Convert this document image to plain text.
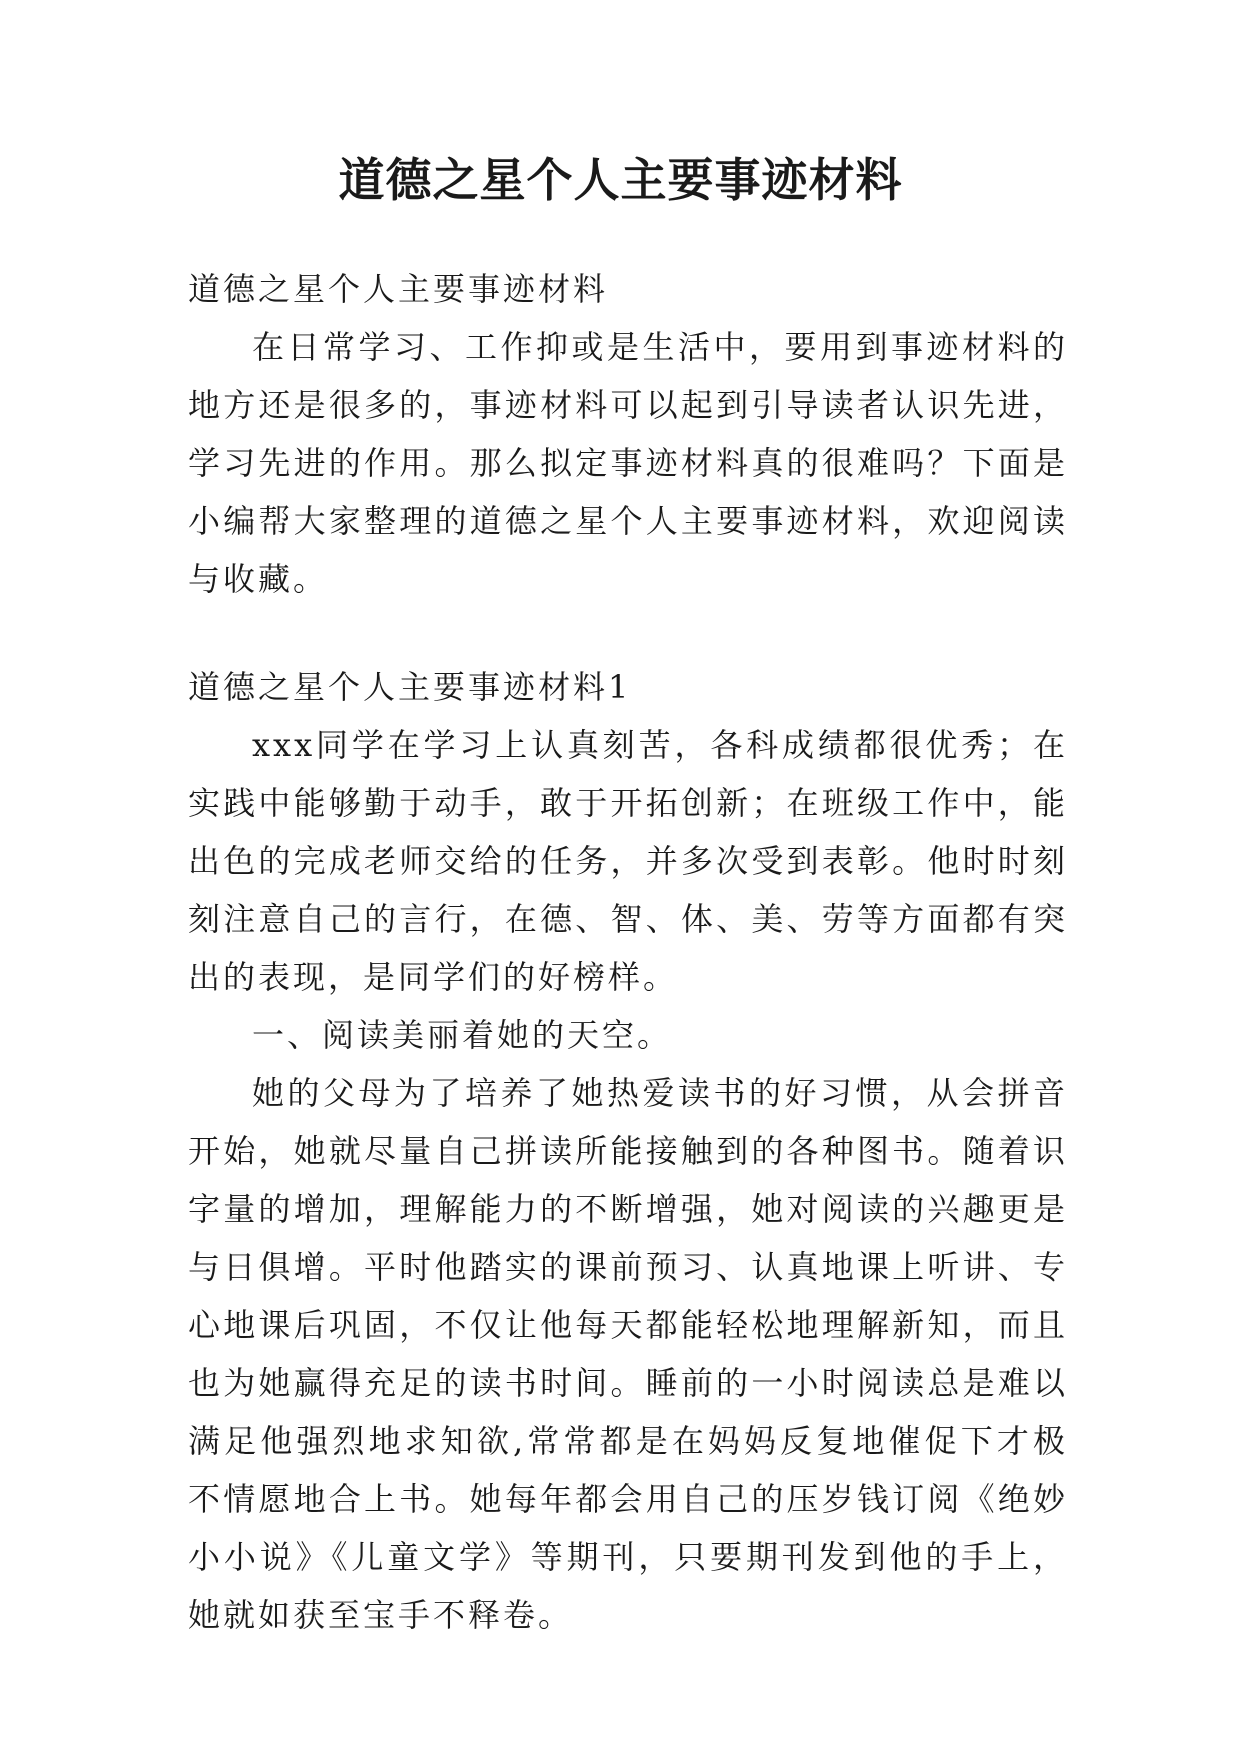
道德之星个人主要事迹材料

道德之星个人主要事迹材料

在日常学习、工作抑或是生活中，要用到事迹材料的地方还是很多的，事迹材料可以起到引导读者认识先进，学习先进的作用。那么拟定事迹材料真的很难吗？下面是小编帮大家整理的道德之星个人主要事迹材料，欢迎阅读与收藏。

道德之星个人主要事迹材料1

xxx同学在学习上认真刻苦，各科成绩都很优秀；在实践中能够勤于动手，敢于开拓创新；在班级工作中，能出色的完成老师交给的任务，并多次受到表彰。他时时刻刻注意自己的言行，在德、智、体、美、劳等方面都有突出的表现，是同学们的好榜样。

一、阅读美丽着她的天空。

她的父母为了培养了她热爱读书的好习惯，从会拼音开始，她就尽量自己拼读所能接触到的各种图书。随着识字量的增加，理解能力的不断增强，她对阅读的兴趣更是与日俱增。平时他踏实的课前预习、认真地课上听讲、专心地课后巩固，不仅让他每天都能轻松地理解新知，而且也为她赢得充足的读书时间。睡前的一小时阅读总是难以满足他强烈地求知欲,常常都是在妈妈反复地催促下才极不情愿地合上书。她每年都会用自己的压岁钱订阅《绝妙小小说》《儿童文学》等期刊，只要期刊发到他的手上，她就如获至宝手不释卷。
